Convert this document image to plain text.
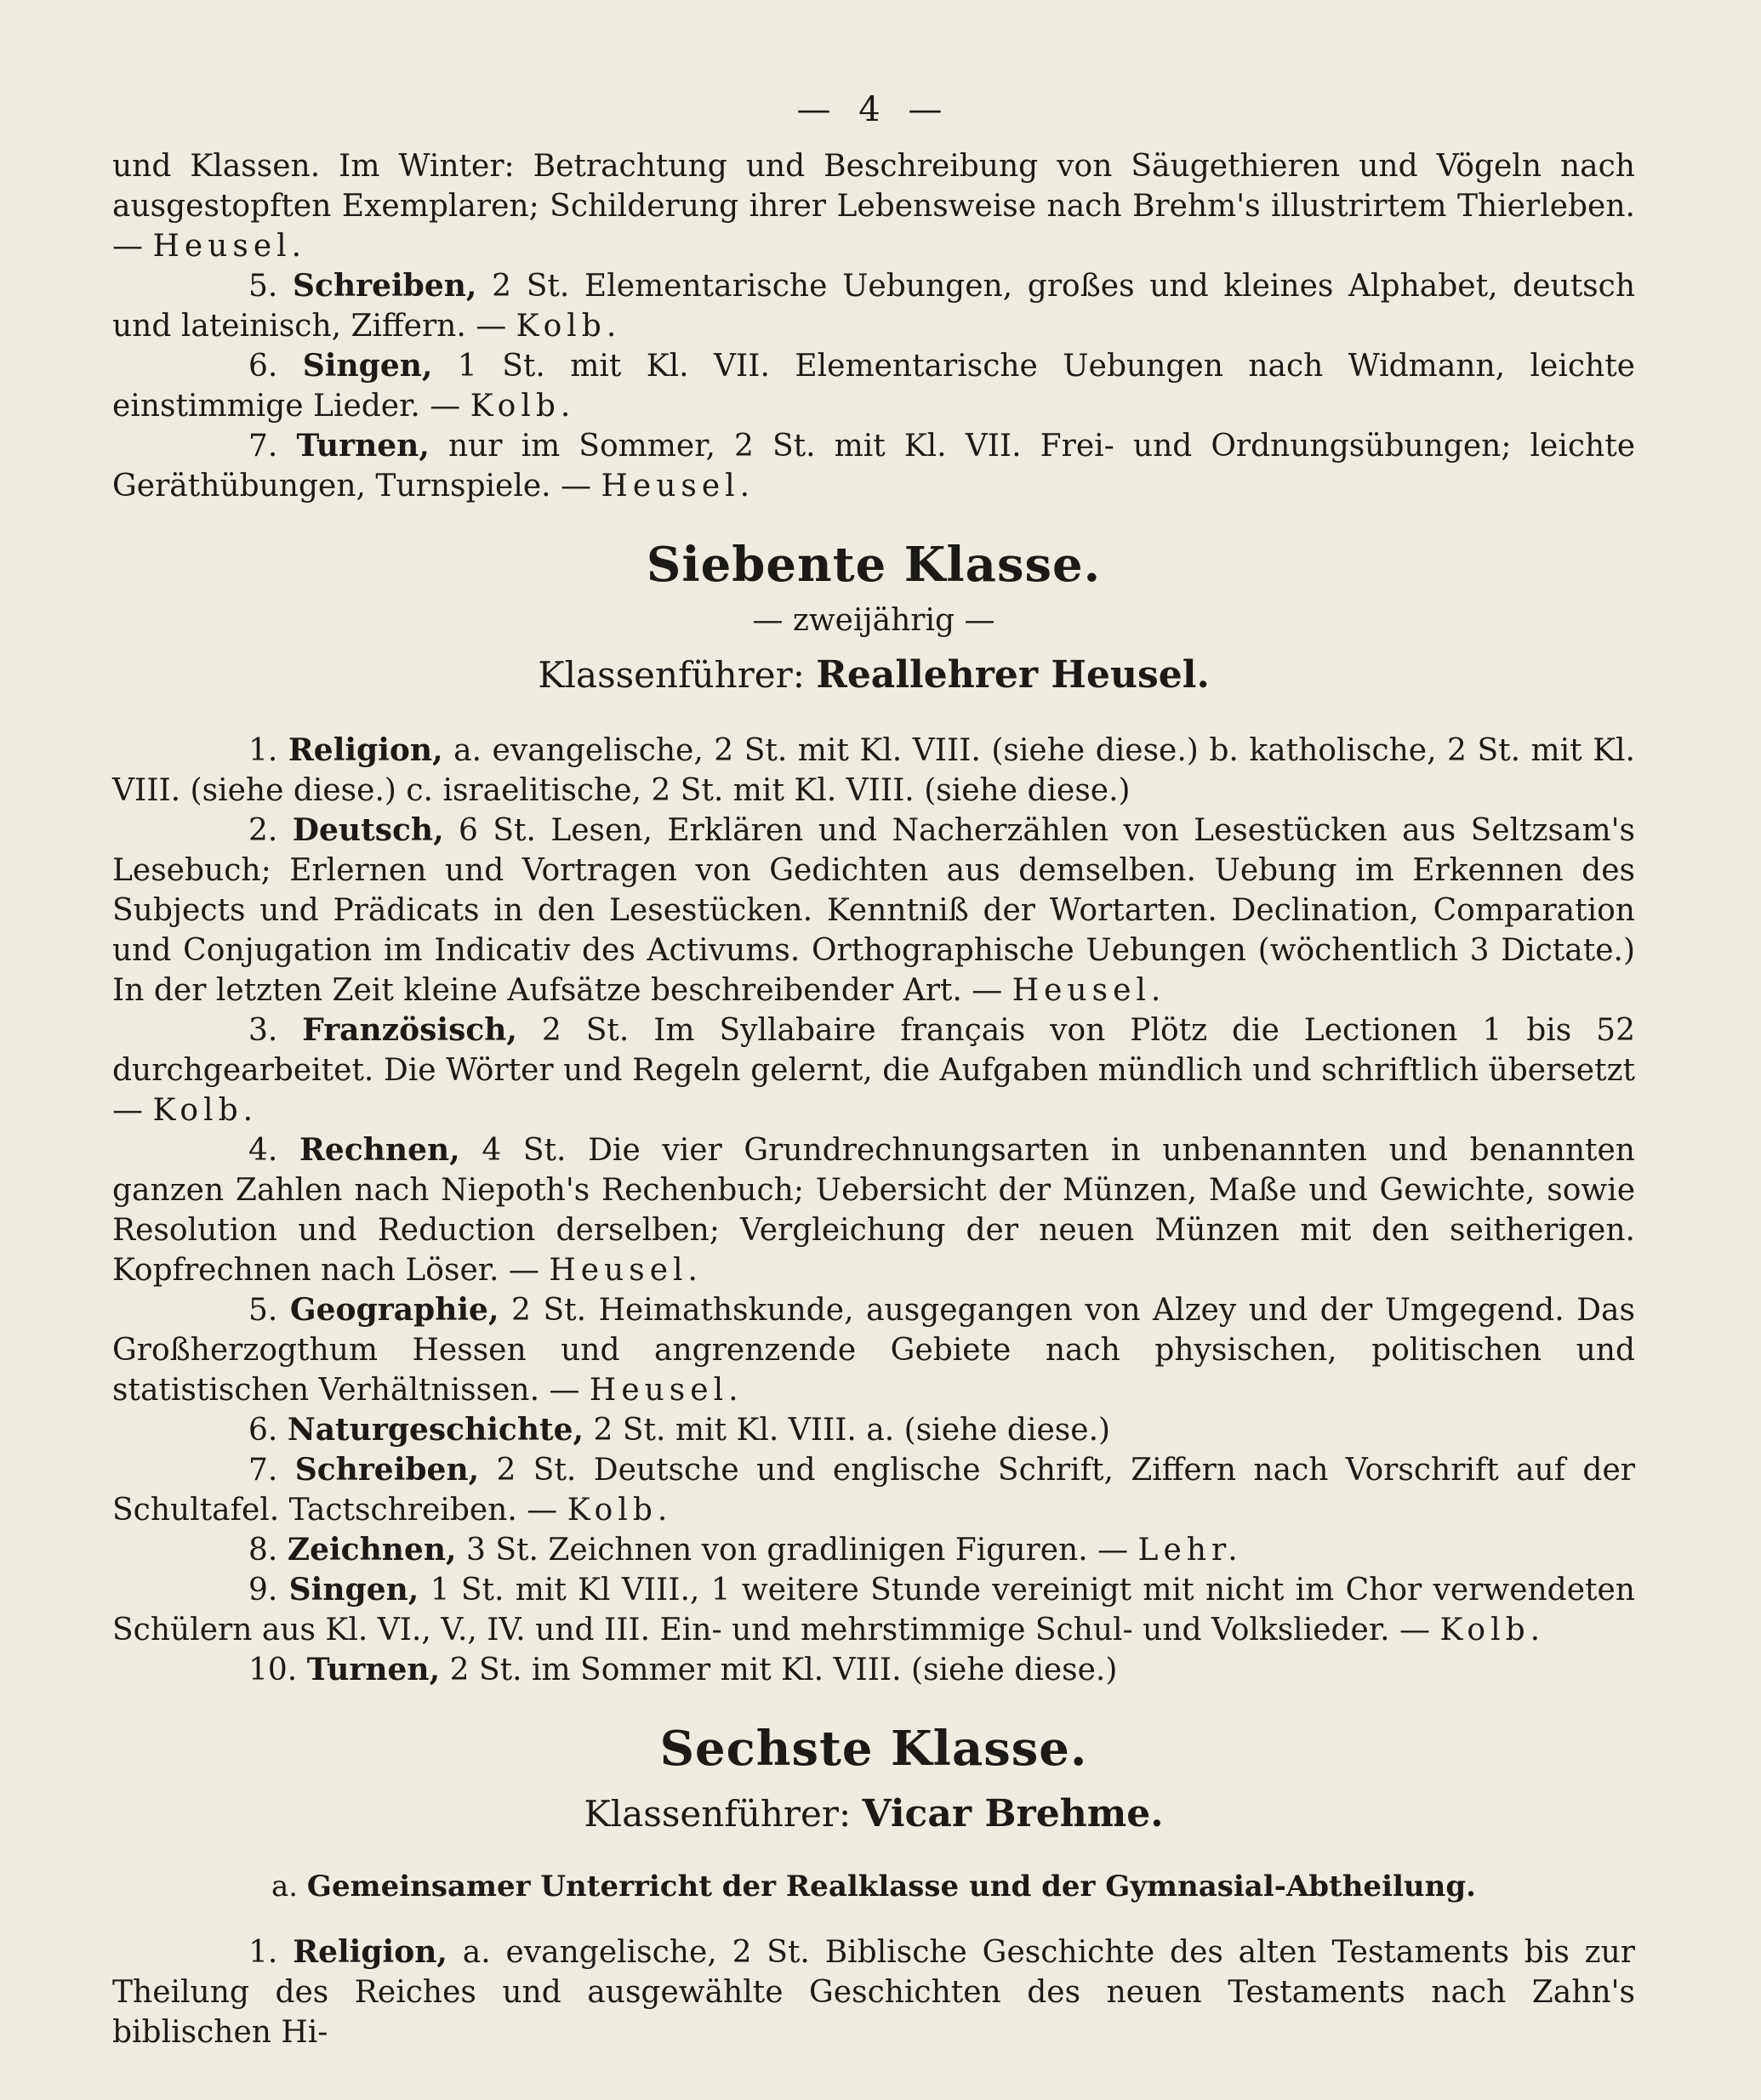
— 4 —

und Klassen. Im Winter: Betrachtung und Beschreibung von Säugethieren und Vögeln nach ausgestopften Exemplaren; Schilderung ihrer Lebensweise nach Brehm's illustrirtem Thierleben. — Heusel.

5. Schreiben, 2 St. Elementarische Uebungen, großes und kleines Alphabet, deutsch und lateinisch, Ziffern. — Kolb.

6. Singen, 1 St. mit Kl. VII. Elementarische Uebungen nach Widmann, leichte einstimmige Lieder. — Kolb.

7. Turnen, nur im Sommer, 2 St. mit Kl. VII. Frei- und Ordnungsübungen; leichte Geräthübungen, Turnspiele. — Heusel.

Siebente Klasse.
— zweijährig —
Klassenführer: Reallehrer Heusel.

1. Religion, a. evangelische, 2 St. mit Kl. VIII. (siehe diese.) b. katholische, 2 St. mit Kl. VIII. (siehe diese.) c. israelitische, 2 St. mit Kl. VIII. (siehe diese.)

2. Deutsch, 6 St. Lesen, Erklären und Nacherzählen von Lesestücken aus Seltzsam's Lesebuch; Erlernen und Vortragen von Gedichten aus demselben. Uebung im Erkennen des Subjects und Prädicats in den Lesestücken. Kenntniß der Wortarten. Declination, Comparation und Conjugation im Indicativ des Activums. Orthographische Uebungen (wöchentlich 3 Dictate.) In der letzten Zeit kleine Aufsätze beschreibender Art. — Heusel.

3. Französisch, 2 St. Im Syllabaire français von Plötz die Lectionen 1 bis 52 durchgearbeitet. Die Wörter und Regeln gelernt, die Aufgaben mündlich und schriftlich übersetzt — Kolb.

4. Rechnen, 4 St. Die vier Grundrechnungsarten in unbenannten und benannten ganzen Zahlen nach Niepoth's Rechenbuch; Uebersicht der Münzen, Maße und Gewichte, sowie Resolution und Reduction derselben; Vergleichung der neuen Münzen mit den seitherigen. Kopfrechnen nach Löser. — Heusel.

5. Geographie, 2 St. Heimathskunde, ausgegangen von Alzey und der Umgegend. Das Großherzogthum Hessen und angrenzende Gebiete nach physischen, politischen und statistischen Verhältnissen. — Heusel.

6. Naturgeschichte, 2 St. mit Kl. VIII. a. (siehe diese.)

7. Schreiben, 2 St. Deutsche und englische Schrift, Ziffern nach Vorschrift auf der Schultafel. Tactschreiben. — Kolb.

8. Zeichnen, 3 St. Zeichnen von gradlinigen Figuren. — Lehr.

9. Singen, 1 St. mit Kl VIII., 1 weitere Stunde vereinigt mit nicht im Chor verwendeten Schülern aus Kl. VI., V., IV. und III. Ein- und mehrstimmige Schul- und Volkslieder. — Kolb.

10. Turnen, 2 St. im Sommer mit Kl. VIII. (siehe diese.)

Sechste Klasse.
Klassenführer: Vicar Brehme.
a. Gemeinsamer Unterricht der Realklasse und der Gymnasial-Abtheilung.

1. Religion, a. evangelische, 2 St. Biblische Geschichte des alten Testaments bis zur Theilung des Reiches und ausgewählte Geschichten des neuen Testaments nach Zahn's biblischen Hi-
